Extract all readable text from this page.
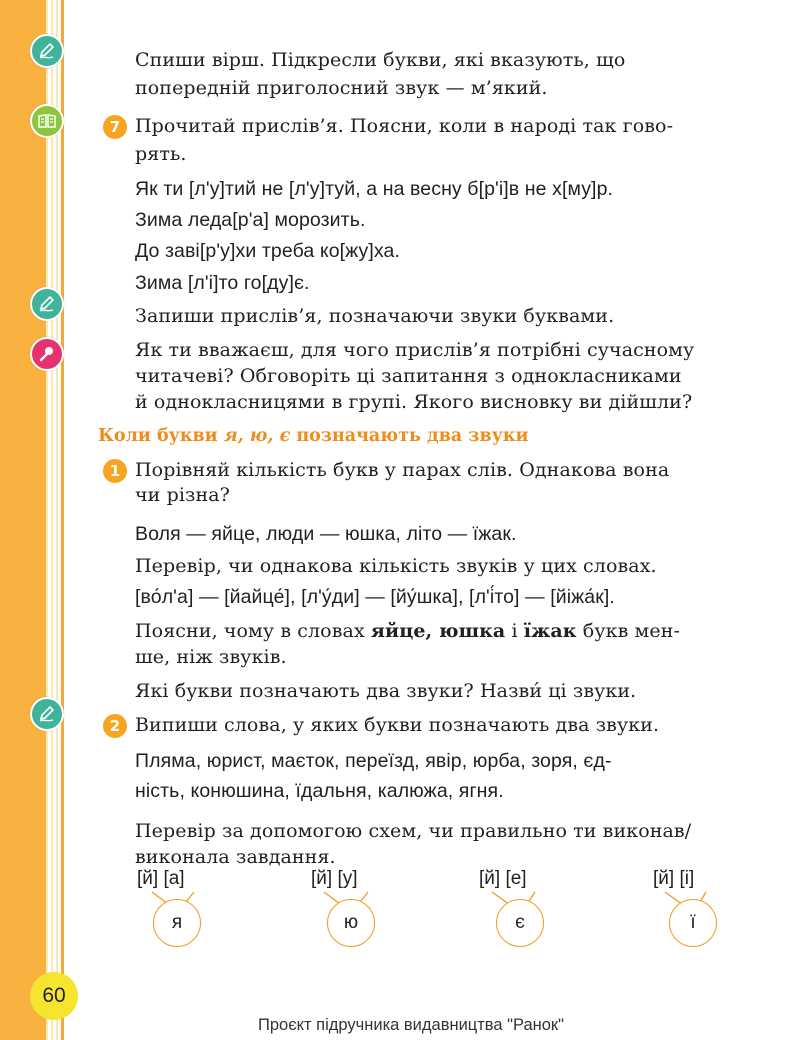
Спиши вірш. Підкресли букви, які вказують, що
попередній приголосний звук — м’який.
7 Прочитай прислів’я. Поясни, коли в народі так гово-
рять.
Як ти [л'у]тий не [л'у]туй, а на весну б[р'і]в не х[му]р.
Зима леда[р'а] морозить.
До заві[р'у]хи треба ко[жу]ха.
Зима [л'і]то го[ду]є.
Запиши прислів’я, позначаючи звуки буквами.
Як ти вважаєш, для чого прислів’я потрібні сучасному
читачеві? Обговоріть ці запитання з однокласниками
й однокласницями в групі. Якого висновку ви дійшли?
Коли букви я, ю, є позначають два звуки
1 Порівняй кількість букв у парах слів. Однакова вона
чи різна?
Воля — яйце, люди — юшка, літо — їжак.
Перевір, чи однакова кількість звуків у цих словах.
[во́л'а] — [йайце́], [л'у́ди] — [йу́шка], [л'і́то] — [йіжа́к].
Поясни, чому в словах яйце, юшка і їжак букв мен-
ше, ніж звуків.
Які букви позначають два звуки? Назви́ ці звуки.
2 Випиши слова, у яких букви позначають два звуки.
Пляма, юрист, маєток, переїзд, явір, юрба, зоря, єд-
ність, конюшина, їдальня, калюжа, ягня.
Перевір за допомогою схем, чи правильно ти виконав/
виконала завдання.
[й] [а]	[й] [у]	[й] [е]	[й] [і]
я	ю	є	ї
60
Проєкт підручника видавництва "Ранок"
